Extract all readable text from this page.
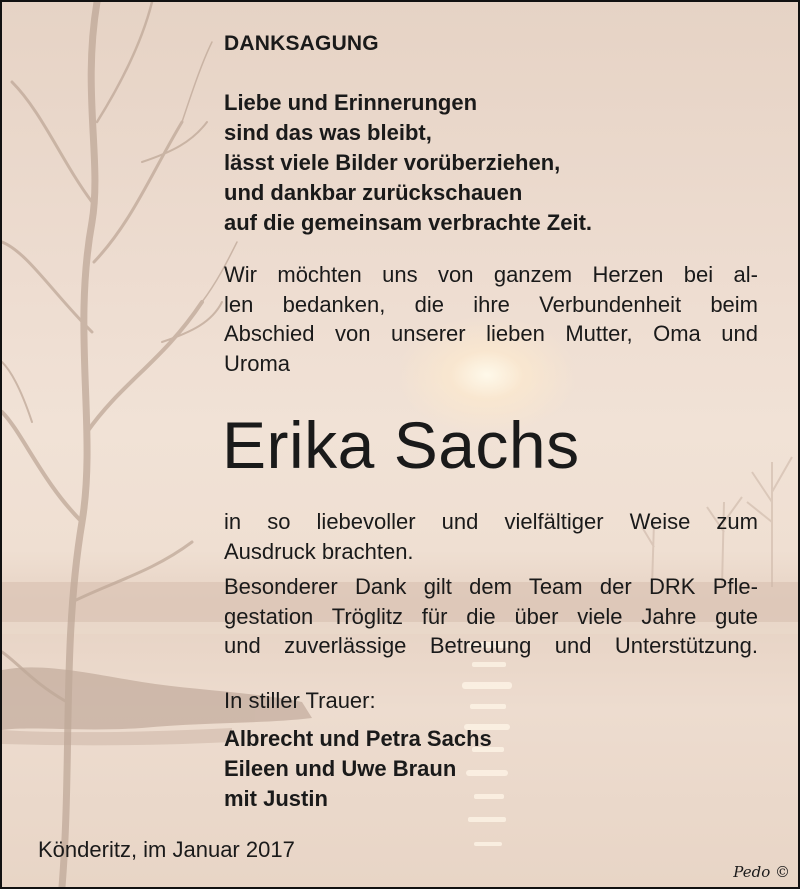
DANKSAGUNG
Liebe und Erinnerungen
sind das was bleibt,
lässt viele Bilder vorüberziehen,
und dankbar zurückschauen
auf die gemeinsam verbrachte Zeit.
Wir möchten uns von ganzem Herzen bei al-
len bedanken, die ihre Verbundenheit beim
Abschied von unserer lieben Mutter, Oma und
Uroma
Erika Sachs
in so liebevoller und vielfältiger Weise zum
Ausdruck brachten.
Besonderer Dank gilt dem Team der DRK Pfle-
gestation Tröglitz für die über viele Jahre gute
und zuverlässige Betreuung und Unterstützung.
In stiller Trauer:
Albrecht und Petra Sachs
Eileen und Uwe Braun
mit Justin
Könderitz, im Januar 2017
Pedo ©
